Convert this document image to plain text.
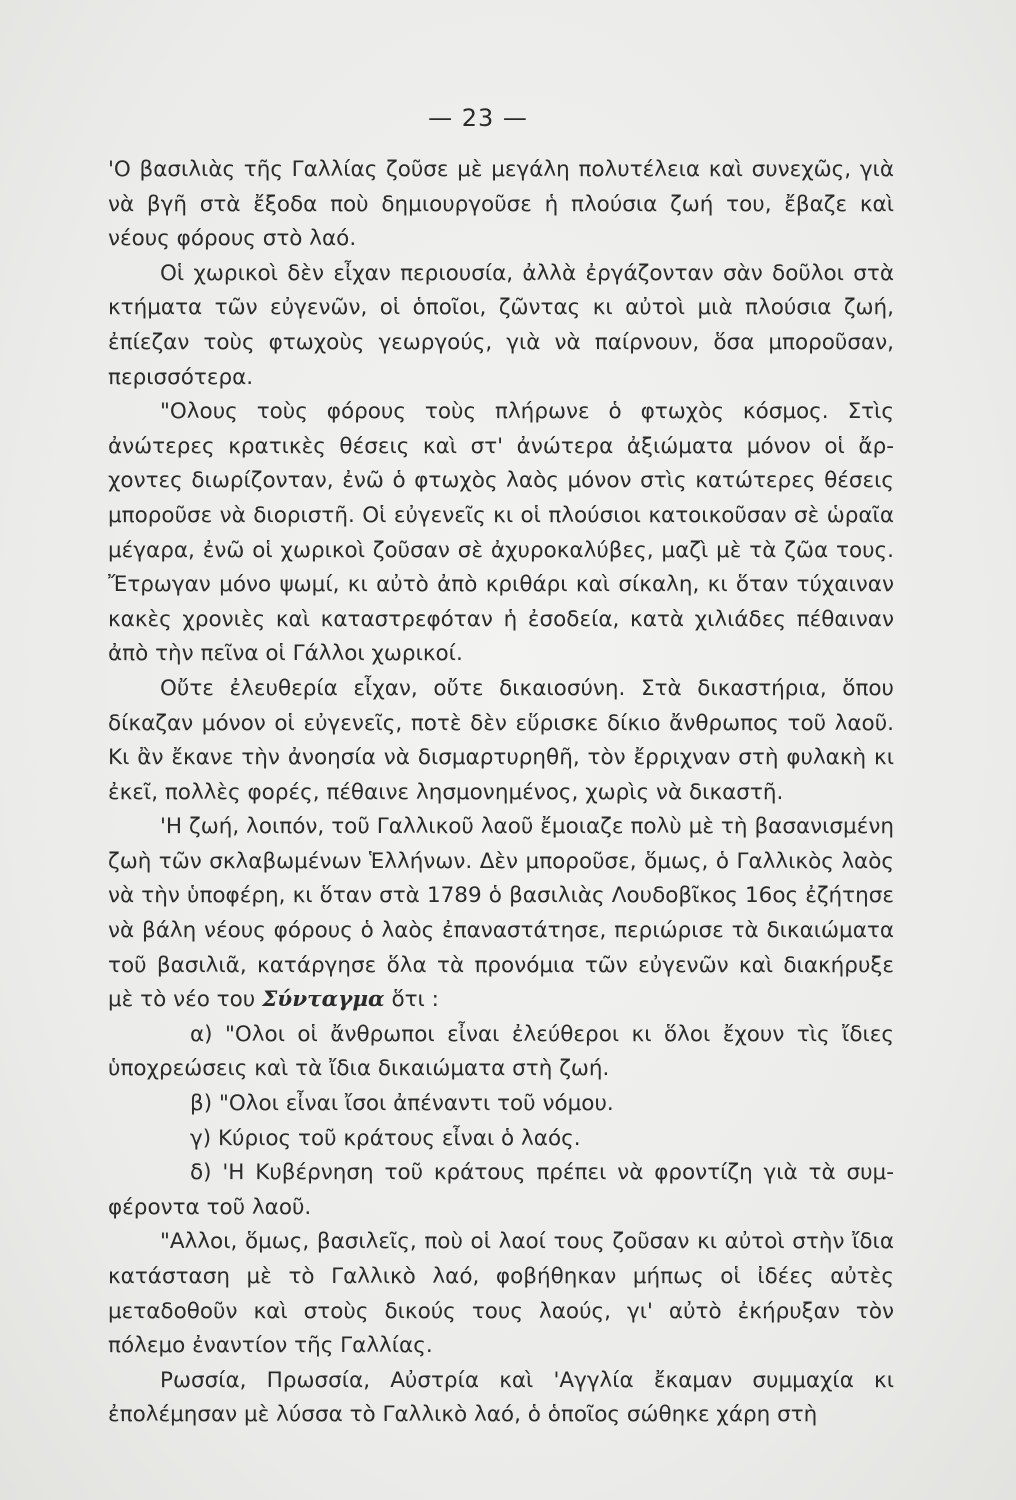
— 23 —

'Ο βασιλιὰς τῆς Γαλλίας ζοῦσε μὲ μεγάλη πολυτέλεια καὶ συνεχῶς, γιὰ νὰ βγῆ στὰ ἔξοδα ποὺ δημιουργοῦσε ἡ πλούσια ζωή του, ἔβαζε καὶ νέους φόρους στὸ λαό.

Οἱ χωρικοὶ δὲν εἶχαν περιουσία, ἀλλὰ ἐργάζονταν σὰν δοῦλοι στὰ κτήματα τῶν εὐγενῶν, οἱ ὁποῖοι, ζῶντας κι αὐτοὶ μιὰ πλούσια ζωή, ἐπίεζαν τοὺς φτωχοὺς γεωργούς, γιὰ νὰ παίρνουν, ὅσα μποροῦσαν, περισσότερα.

"Ολους τοὺς φόρους τοὺς πλήρωνε ὁ φτωχὸς κόσμος. Στὶς ἀνώτερες κρατικὲς θέσεις καὶ στ' ἀνώτερα ἀξιώματα μόνον οἱ ἄρχοντες διωρίζονταν, ἐνῶ ὁ φτωχὸς λαὸς μόνον στὶς κατώτερες θέσεις μποροῦσε νὰ διοριστῆ. Οἱ εὐγενεῖς κι οἱ πλούσιοι κατοικοῦσαν σὲ ὡραῖα μέγαρα, ἐνῶ οἱ χωρικοὶ ζοῦσαν σὲ ἀχυροκαλύβες, μαζὶ μὲ τὰ ζῶα τους. Ἔτρωγαν μόνο ψωμί, κι αὐτὸ ἀπὸ κριθάρι καὶ σίκαλη, κι ὅταν τύχαιναν κακὲς χρονιὲς καὶ καταστρεφόταν ἡ ἐσοδεία, κατὰ χιλιάδες πέθαιναν ἀπὸ τὴν πεῖνα οἱ Γάλλοι χωρικοί.

Οὔτε ἐλευθερία εἶχαν, οὔτε δικαιοσύνη. Στὰ δικαστήρια, ὅπου δίκαζαν μόνον οἱ εὐγενεῖς, ποτὲ δὲν εὕρισκε δίκιο ἄνθρωπος τοῦ λαοῦ. Κι ἂν ἔκανε τὴν ἀνοησία νὰ δισμαρτυρηθῆ, τὸν ἔρριχναν στὴ φυλακὴ κι ἐκεῖ, πολλὲς φορές, πέθαινε λησμονημένος, χωρὶς νὰ δικαστῆ.

'Η ζωή, λοιπόν, τοῦ Γαλλικοῦ λαοῦ ἔμοιαζε πολὺ μὲ τὴ βασανισμένη ζωὴ τῶν σκλαβωμένων Ἑλλήνων. Δὲν μποροῦσε, ὅμως, ὁ Γαλλικὸς λαὸς νὰ τὴν ὑποφέρη, κι ὅταν στὰ 1789 ὁ βασιλιὰς Λουδοβῖκος 16ος ἐζήτησε νὰ βάλη νέους φόρους ὁ λαὸς ἐπαναστάτησε, περιώρισε τὰ δικαιώματα τοῦ βασιλιᾶ, κατάργησε ὅλα τὰ προνόμια τῶν εὐγενῶν καὶ διακήρυξε μὲ τὸ νέο του Σύνταγμα ὅτι :

α) "Ολοι οἱ ἄνθρωποι εἶναι ἐλεύθεροι κι ὅλοι ἔχουν τὶς ἴδιες ὑποχρεώσεις καὶ τὰ ἴδια δικαιώματα στὴ ζωή.

β) "Ολοι εἶναι ἴσοι ἀπέναντι τοῦ νόμου.

γ) Κύριος τοῦ κράτους εἶναι ὁ λαός.

δ) 'Η Κυβέρνηση τοῦ κράτους πρέπει νὰ φροντίζη γιὰ τὰ συμφέροντα τοῦ λαοῦ.

"Αλλοι, ὅμως, βασιλεῖς, ποὺ οἱ λαοί τους ζοῦσαν κι αὐτοὶ στὴν ἴδια κατάσταση μὲ τὸ Γαλλικὸ λαό, φοβήθηκαν μήπως οἱ ἰδέες αὐτὲς μεταδοθοῦν καὶ στοὺς δικούς τους λαούς, γι' αὐτὸ ἐκήρυξαν τὸν πόλεμο ἐναντίον τῆς Γαλλίας.

Ρωσσία, Πρωσσία, Αὐστρία καὶ 'Αγγλία ἔκαμαν συμμαχία κι ἐπολέμησαν μὲ λύσσα τὸ Γαλλικὸ λαό, ὁ ὁποῖος σώθηκε χάρη στὴ
